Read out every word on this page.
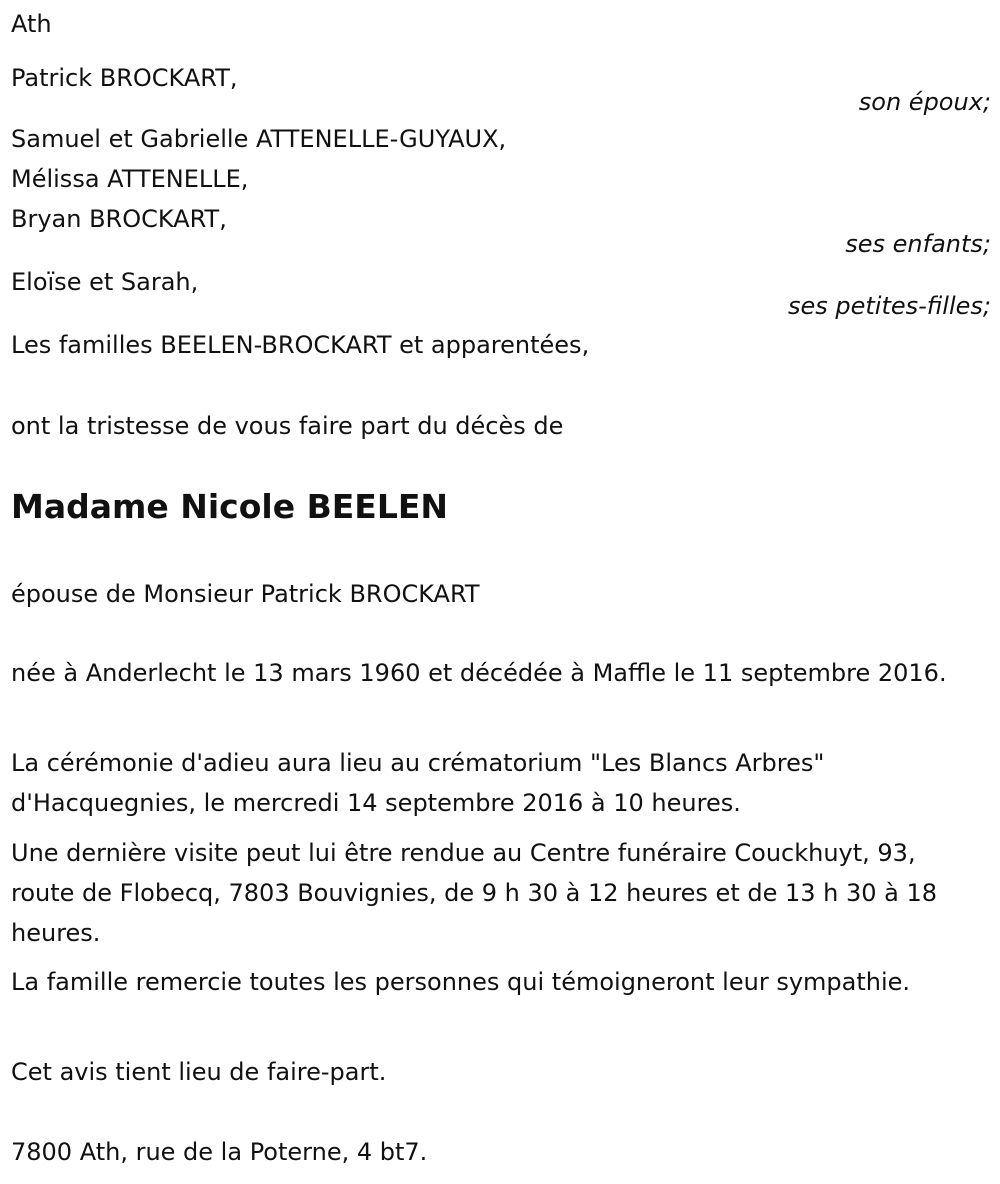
Ath
Patrick BROCKART,
son époux;
Samuel et Gabrielle ATTENELLE-GUYAUX,
Mélissa ATTENELLE,
Bryan BROCKART,
ses enfants;
Eloïse et Sarah,
ses petites-filles;
Les familles BEELEN-BROCKART et apparentées,
ont la tristesse de vous faire part du décès de
Madame Nicole BEELEN
épouse de Monsieur Patrick BROCKART
née à Anderlecht le 13 mars 1960 et décédée à Maffle le 11 septembre 2016.
La cérémonie d'adieu aura lieu au crématorium "Les Blancs Arbres" d'Hacquegnies, le mercredi 14 septembre 2016 à 10 heures.
Une dernière visite peut lui être rendue au Centre funéraire Couckhuyt, 93, route de Flobecq, 7803 Bouvignies, de 9 h 30 à 12 heures et de 13 h 30 à 18 heures.
La famille remercie toutes les personnes qui témoigneront leur sympathie.
Cet avis tient lieu de faire-part.
7800 Ath, rue de la Poterne, 4 bt7.
